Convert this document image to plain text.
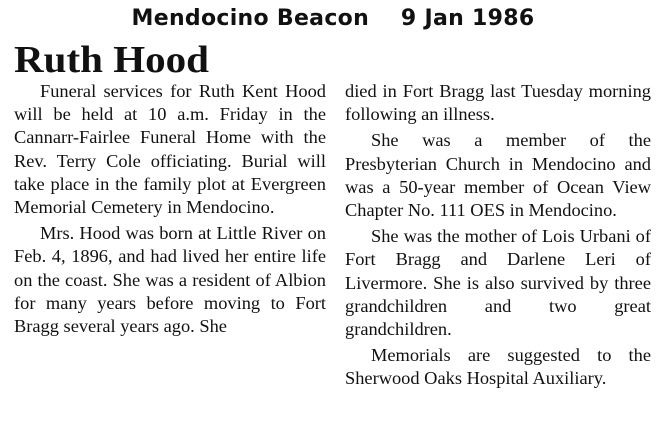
Mendocino Beacon 9 Jan 1986
Ruth Hood

Funeral services for Ruth Kent Hood will be held at 10 a.m. Friday in the Cannarr-Fairlee Funeral Home with the Rev. Terry Cole officiating. Burial will take place in the family plot at Evergreen Memorial Cemetery in Mendocino.

Mrs. Hood was born at Little River on Feb. 4, 1896, and had lived her entire life on the coast. She was a resident of Albion for many years before moving to Fort Bragg several years ago. She

died in Fort Bragg last Tuesday morning following an illness.

She was a member of the Presbyterian Church in Mendocino and was a 50-year member of Ocean View Chapter No. 111 OES in Mendocino.

She was the mother of Lois Urbani of Fort Bragg and Darlene Leri of Livermore. She is also survived by three grandchildren and two great grandchildren.

Memorials are suggested to the Sherwood Oaks Hospital Auxiliary.
